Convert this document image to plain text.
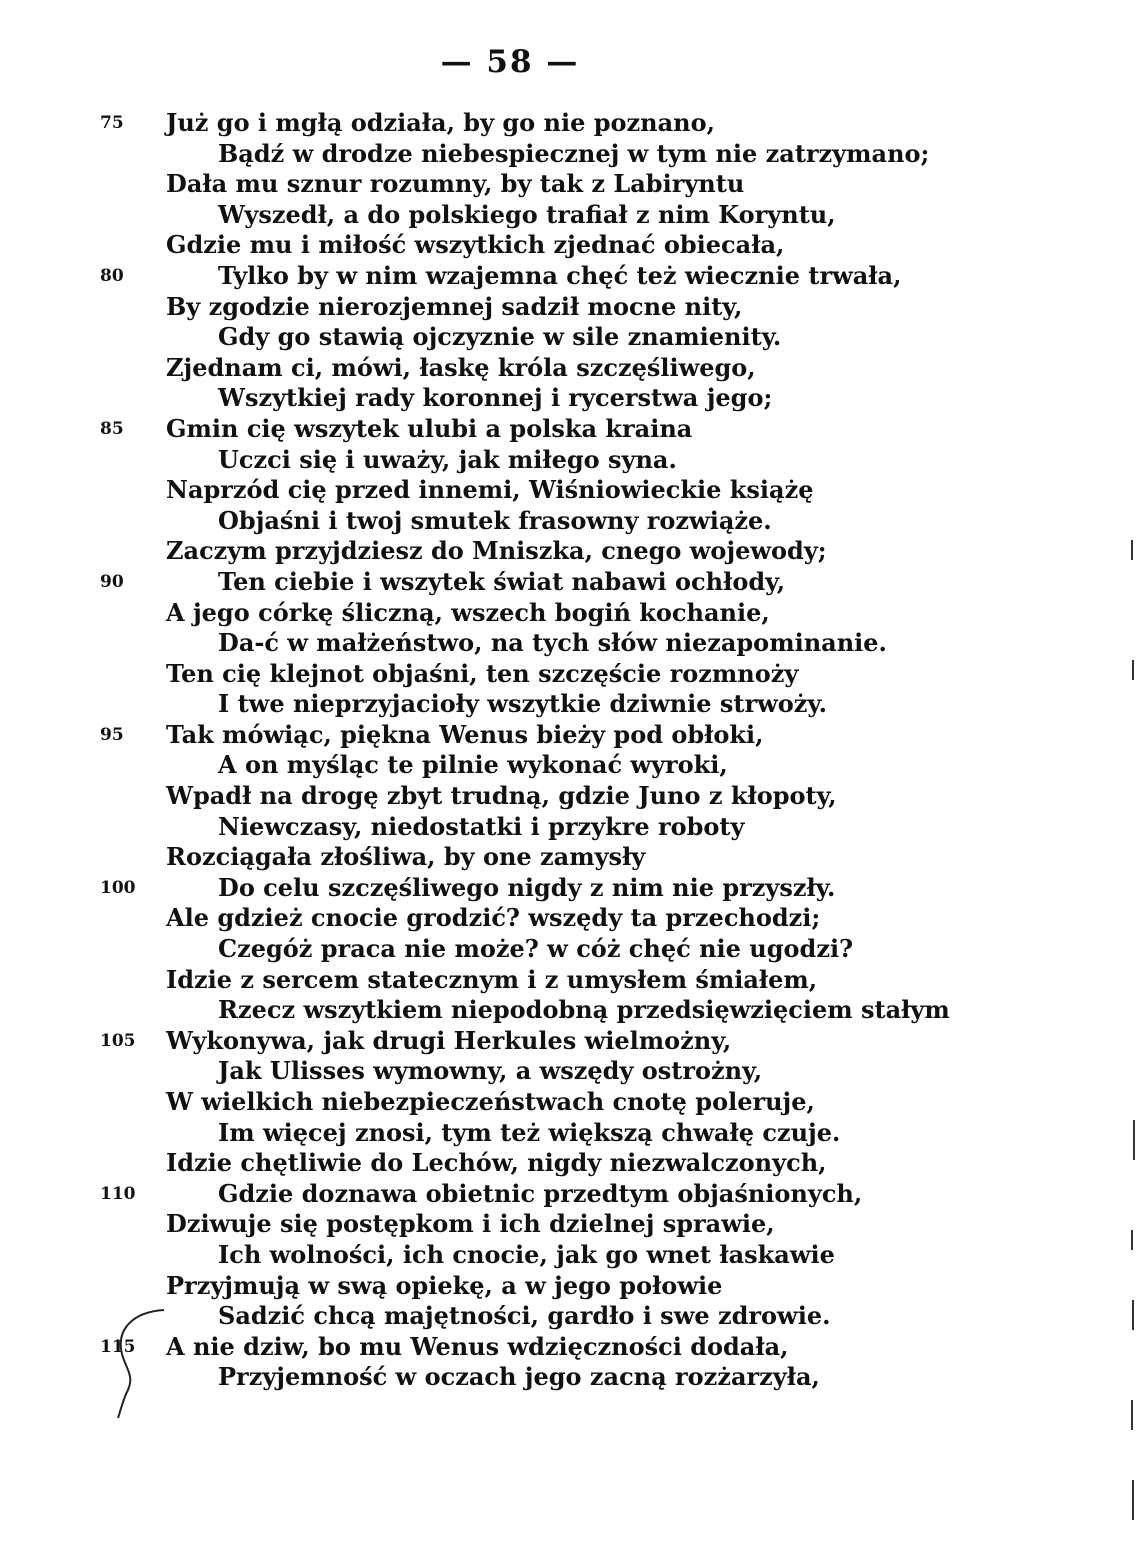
— 58 —
75 Już go i mgłą odziała, by go nie poznano,
Bądź w drodze niebespiecznej w tym nie zatrzymano;
Dała mu sznur rozumny, by tak z Labiryntu
Wyszedł, a do polskiego trafiał z nim Koryntu,
Gdzie mu i miłość wszytkich zjednać obiecała,
80	Tylko by w nim wzajemna chęć też wiecznie trwała,
By zgodzie nierozjemnej sadził mocne nity,
Gdy go stawią ojczyznie w sile znamienity.
Zjednam ci, mówi, łaskę króla szczęśliwego,
Wszytkiej rady koronnej i rycerstwa jego;
85 Gmin cię wszytek ulubi a polska kraina
Uczci się i uważy, jak miłego syna.
Naprzód cię przed innemi, Wiśniowieckie książę
Objaśni i twoj smutek frasowny rozwiąże.
Zaczym przyjdziesz do Mniszka, cnego wojewody;
90	Ten ciebie i wszytek świat nabawi ochłody,
A jego córkę śliczną, wszech bogiń kochanie,
Da-ć w małżeństwo, na tych słów niezapominanie.
Ten cię klejnot objaśni, ten szczęście rozmnoży
I twe nieprzyjacioły wszytkie dziwnie strwoży.
95 Tak mówiąc, piękna Wenus bieży pod obłoki,
A on myśląc te pilnie wykonać wyroki,
Wpadł na drogę zbyt trudną, gdzie Juno z kłopoty,
Niewczasy, niedostatki i przykre roboty
Rozciągała złośliwa, by one zamysły
100	Do celu szczęśliwego nigdy z nim nie przyszły.
Ale gdzież cnocie grodzić? wszędy ta przechodzi;
Czegóż praca nie może? w cóż chęć nie ugodzi?
Idzie z sercem statecznym i z umysłem śmiałem,
Rzecz wszytkiem niepodobną przedsięwzięciem stałym
105 Wykonywa, jak drugi Herkules wielmożny,
Jak Ulisses wymowny, a wszędy ostrożny,
W wielkich niebezpieczeństwach cnotę poleruje,
Im więcej znosi, tym też większą chwałę czuje.
Idzie chętliwie do Lechów, nigdy niezwalczonych,
110	Gdzie doznawa obietnic przedtym objaśnionych,
Dziwuje się postępkom i ich dzielnej sprawie,
Ich wolności, ich cnocie, jak go wnet łaskawie
Przyjmują w swą opiekę, a w jego połowie
Sadzić chcą majętności, gardło i swe zdrowie.
115 A nie dziw, bo mu Wenus wdzięczności dodała,
Przyjemność w oczach jego zacną rozżarzyła,
